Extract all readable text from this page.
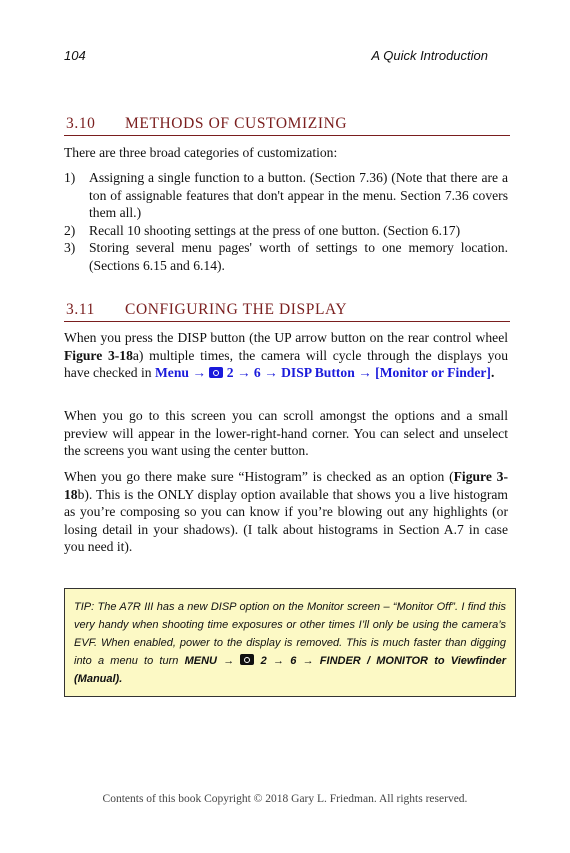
104	A Quick Introduction
3.10 METHODS OF CUSTOMIZING
There are three broad categories of customization:
1) Assigning a single function to a button. (Section 7.36) (Note that there are a ton of assignable features that don't appear in the menu. Section 7.36 covers them all.)
2) Recall 10 shooting settings at the press of one button. (Section 6.17)
3) Storing several menu pages' worth of settings to one memory location. (Sections 6.15 and 6.14).
3.11 CONFIGURING THE DISPLAY
When you press the DISP button (the UP arrow button on the rear control wheel Figure 3-18a) multiple times, the camera will cycle through the displays you have checked in Menu →  2 → 6 → DISP Button → [Monitor or Finder].
When you go to this screen you can scroll amongst the options and a small preview will appear in the lower-right-hand corner. You can select and unselect the screens you want using the center button.
When you go there make sure “Histogram” is checked as an option (Figure 3-18b). This is the ONLY display option available that shows you a live histogram as you’re composing so you can know if you’re blowing out any highlights (or losing detail in your shadows). (I talk about histograms in Section A.7 in case you need it).
TIP: The A7R III has a new DISP option on the Monitor screen – “Monitor Off”. I find this very handy when shooting time exposures or other times I’ll only be using the camera’s EVF. When enabled, power to the display is removed. This is much faster than digging into a menu to turn MENU →  2 → 6 → FINDER / MONITOR to Viewfinder (Manual).
Contents of this book Copyright © 2018 Gary L. Friedman. All rights reserved.
